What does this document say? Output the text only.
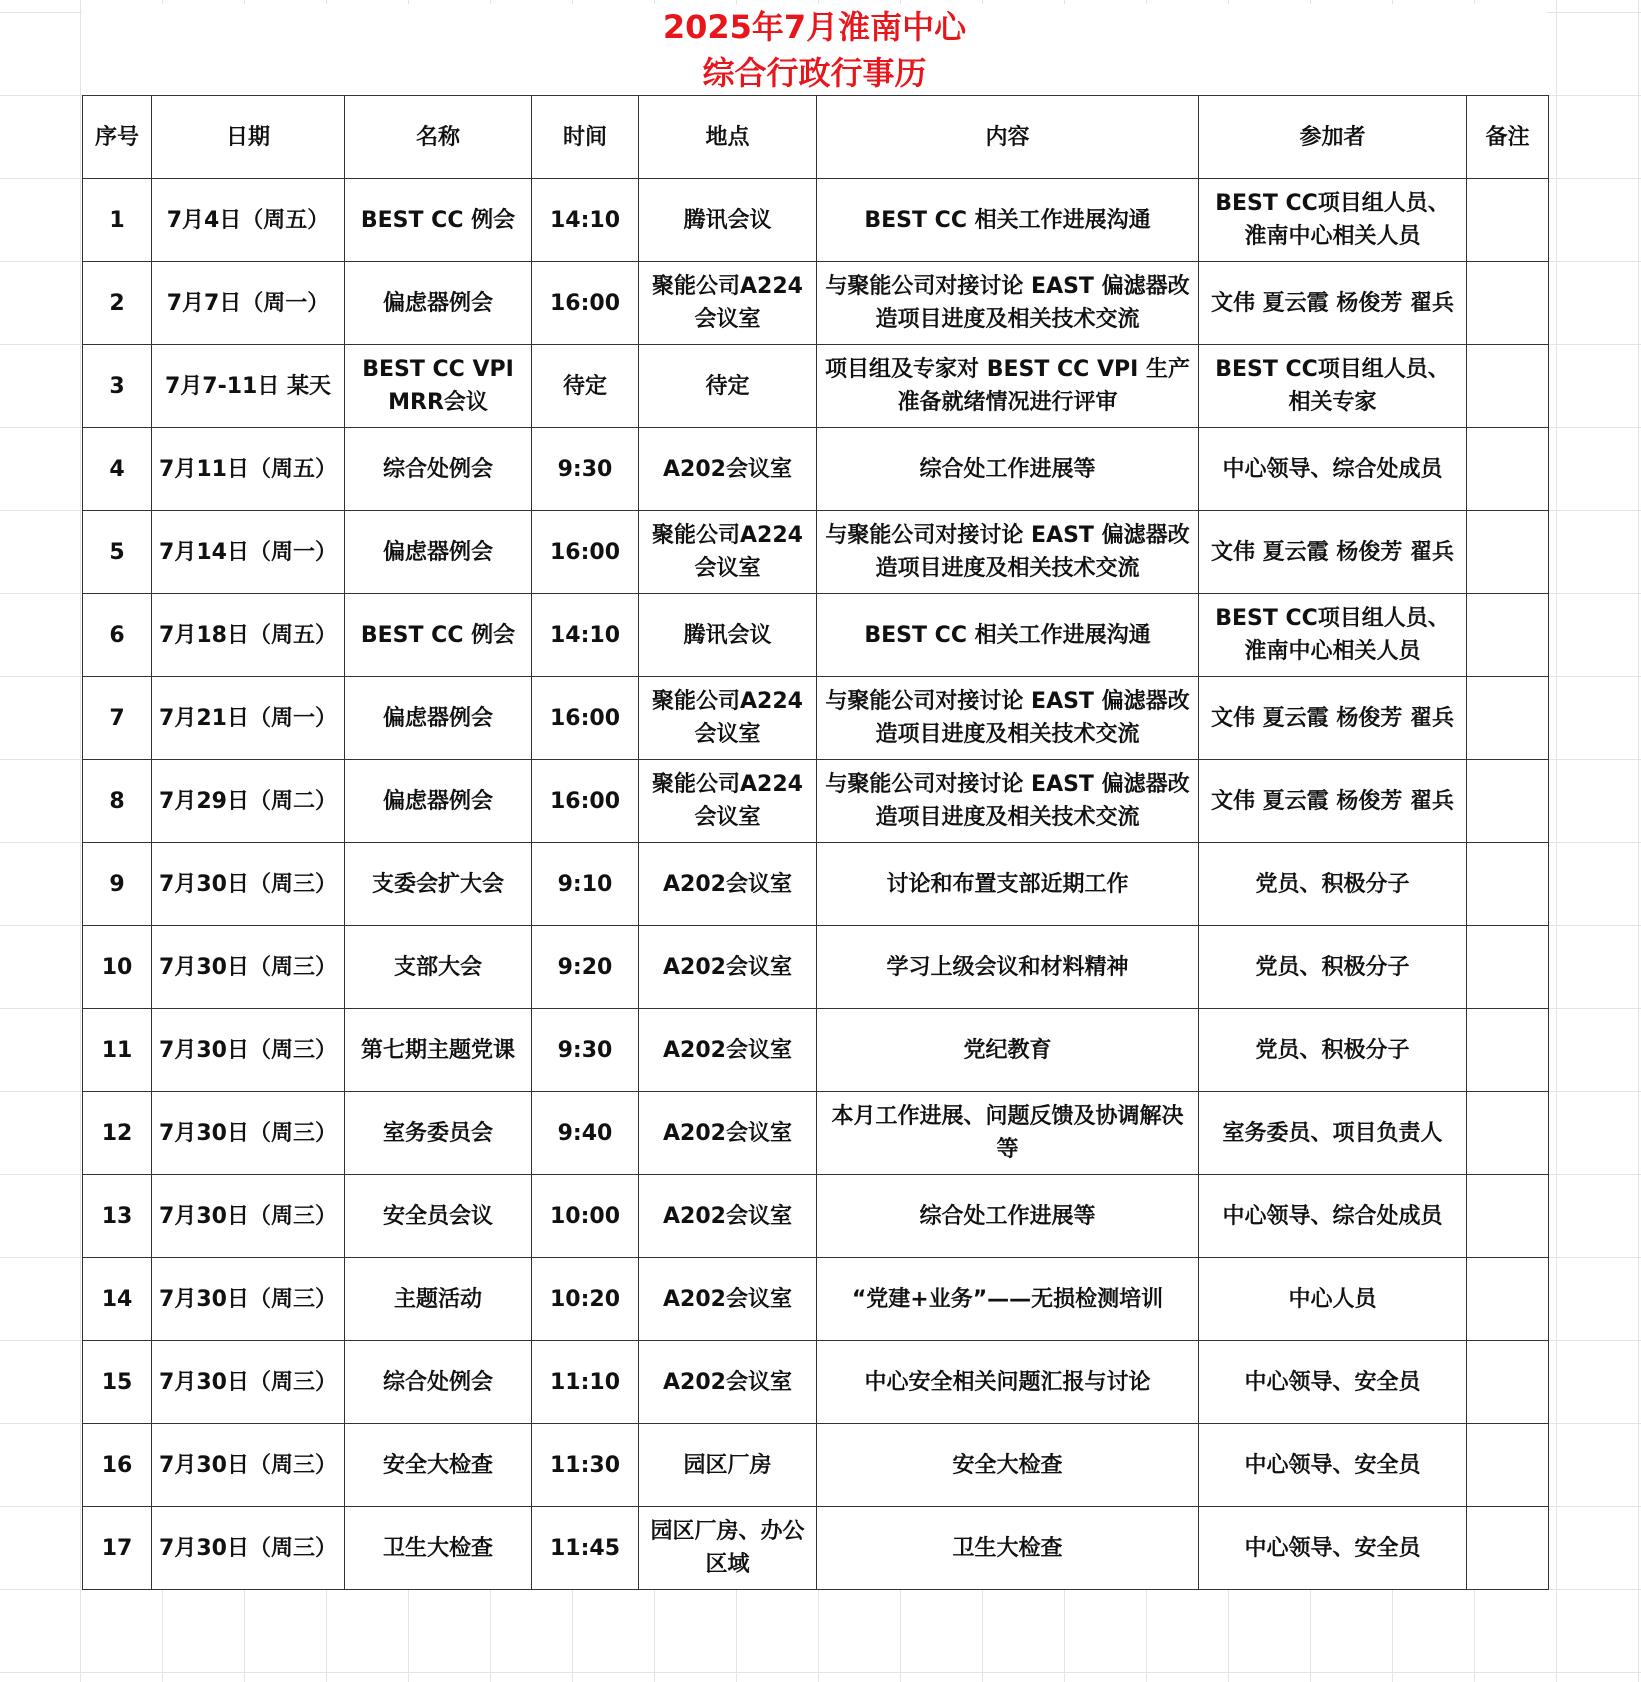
2025年7月淮南中心
综合行政行事历
序号	日期	名称	时间	地点	内容	参加者	备注
1	7月4日（周五）	BEST CC 例会	14:10	腾讯会议	BEST CC 相关工作进展沟通	BEST CC项目组人员、淮南中心相关人员	
2	7月7日（周一）	偏虑器例会	16:00	聚能公司A224会议室	与聚能公司对接讨论 EAST 偏滤器改造项目进度及相关技术交流	文伟 夏云霞 杨俊芳 翟兵	
3	7月7-11日 某天	BEST CC VPI MRR会议	待定	待定	项目组及专家对 BEST CC VPI 生产准备就绪情况进行评审	BEST CC项目组人员、相关专家	
4	7月11日（周五）	综合处例会	9:30	A202会议室	综合处工作进展等	中心领导、综合处成员	
5	7月14日（周一）	偏虑器例会	16:00	聚能公司A224会议室	与聚能公司对接讨论 EAST 偏滤器改造项目进度及相关技术交流	文伟 夏云霞 杨俊芳 翟兵	
6	7月18日（周五）	BEST CC 例会	14:10	腾讯会议	BEST CC 相关工作进展沟通	BEST CC项目组人员、淮南中心相关人员	
7	7月21日（周一）	偏虑器例会	16:00	聚能公司A224会议室	与聚能公司对接讨论 EAST 偏滤器改造项目进度及相关技术交流	文伟 夏云霞 杨俊芳 翟兵	
8	7月29日（周二）	偏虑器例会	16:00	聚能公司A224会议室	与聚能公司对接讨论 EAST 偏滤器改造项目进度及相关技术交流	文伟 夏云霞 杨俊芳 翟兵	
9	7月30日（周三）	支委会扩大会	9:10	A202会议室	讨论和布置支部近期工作	党员、积极分子	
10	7月30日（周三）	支部大会	9:20	A202会议室	学习上级会议和材料精神	党员、积极分子	
11	7月30日（周三）	第七期主题党课	9:30	A202会议室	党纪教育	党员、积极分子	
12	7月30日（周三）	室务委员会	9:40	A202会议室	本月工作进展、问题反馈及协调解决等	室务委员、项目负责人	
13	7月30日（周三）	安全员会议	10:00	A202会议室	综合处工作进展等	中心领导、综合处成员	
14	7月30日（周三）	主题活动	10:20	A202会议室	“党建+业务”——无损检测培训	中心人员	
15	7月30日（周三）	综合处例会	11:10	A202会议室	中心安全相关问题汇报与讨论	中心领导、安全员	
16	7月30日（周三）	安全大检查	11:30	园区厂房	安全大检查	中心领导、安全员	
17	7月30日（周三）	卫生大检查	11:45	园区厂房、办公区域	卫生大检查	中心领导、安全员	
